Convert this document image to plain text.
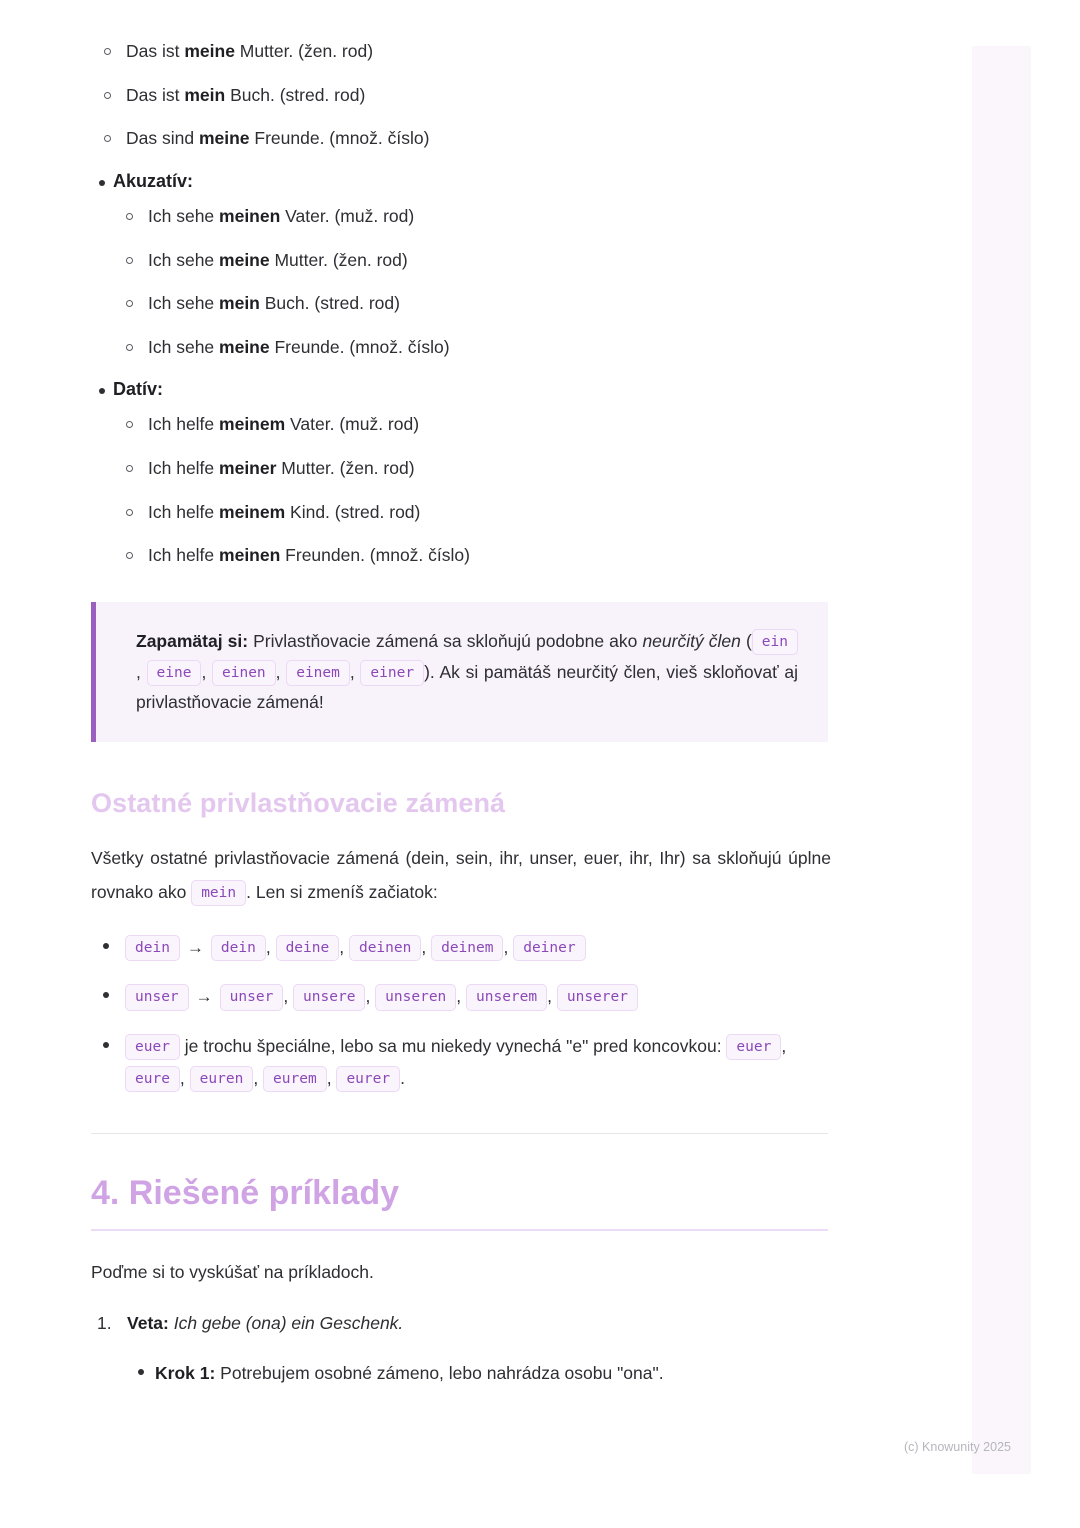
Das ist meine Mutter. (žen. rod)
Das ist mein Buch. (stred. rod)
Das sind meine Freunde. (množ. číslo)
Akuzatív:
Ich sehe meinen Vater. (muž. rod)
Ich sehe meine Mutter. (žen. rod)
Ich sehe mein Buch. (stred. rod)
Ich sehe meine Freunde. (množ. číslo)
Datív:
Ich helfe meinem Vater. (muž. rod)
Ich helfe meiner Mutter. (žen. rod)
Ich helfe meinem Kind. (stred. rod)
Ich helfe meinen Freunden. (množ. číslo)

Zapamätaj si: Privlastňovacie zámená sa skloňujú podobne ako neurčitý člen ( ein, eine , einen , einem , einer ). Ak si pamätáš neurčitý člen, vieš skloňovať aj privlastňovacie zámená!

Ostatné privlastňovacie zámená

Všetky ostatné privlastňovacie zámená (dein, sein, ihr, unser, euer, ihr, Ihr) sa skloňujú úplne rovnako ako mein . Len si zmeníš začiatok:

dein → dein , deine , deinen , deinem , deiner
unser → unser , unsere , unseren , unserem , unserer
euer je trochu špeciálne, lebo sa mu niekedy vynechá "e" pred koncovkou: euer , eure , euren , eurem , eurer .
4. Riešené príklady

Poďme si to vyskúšať na príkladoch.

Veta: Ich gebe (ona) ein Geschenk.
Krok 1: Potrebujem osobné zámeno, lebo nahrádza osobu "ona".
(c) Knowunity 2025
